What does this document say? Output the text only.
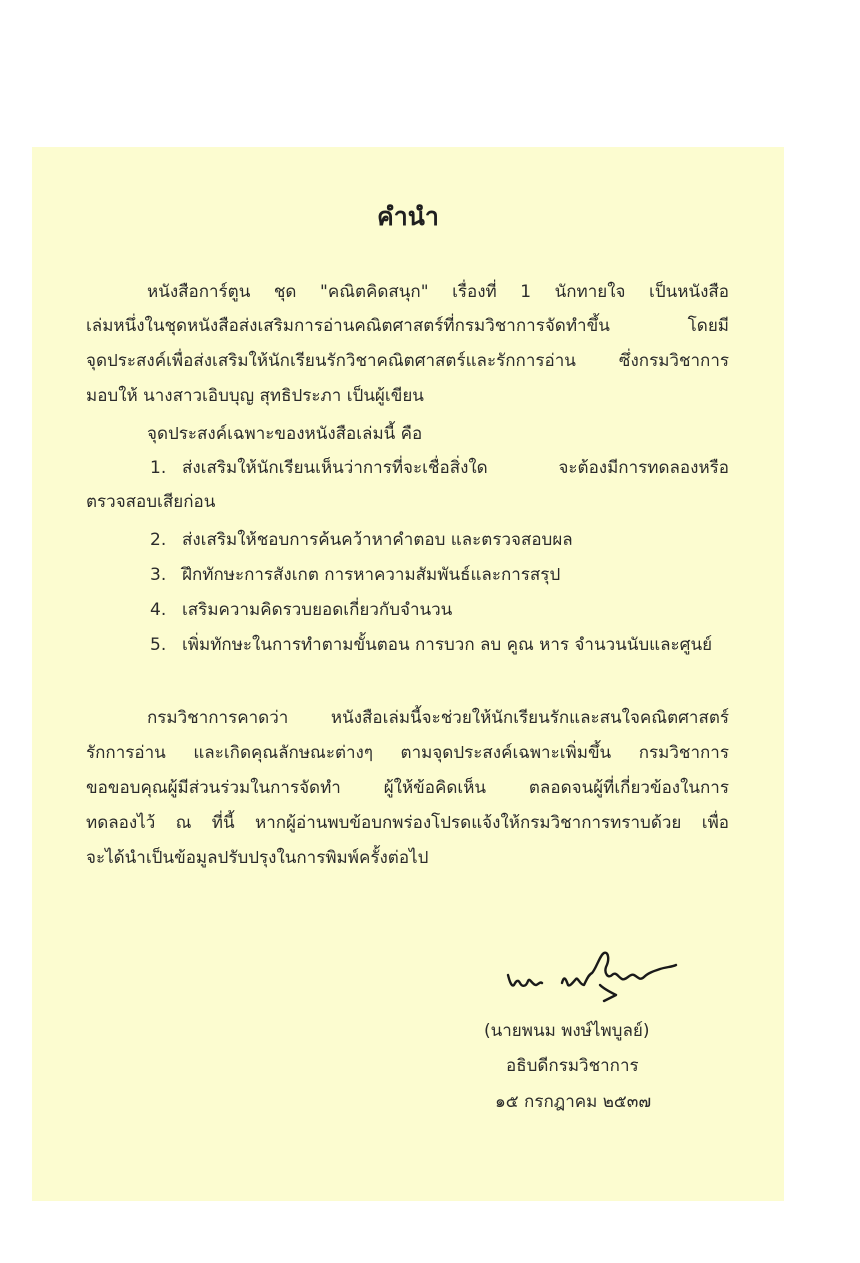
คำนำ
หนังสือการ์ตูน ชุด "คณิตคิดสนุก" เรื่องที่ 1 นักทายใจ เป็นหนังสือ
เล่มหนึ่งในชุดหนังสือส่งเสริมการอ่านคณิตศาสตร์ที่กรมวิชาการจัดทำขึ้น โดยมี
จุดประสงค์เพื่อส่งเสริมให้นักเรียนรักวิชาคณิตศาสตร์และรักการอ่าน ซึ่งกรมวิชาการ
มอบให้ นางสาวเอิบบุญ สุทธิประภา เป็นผู้เขียน
จุดประสงค์เฉพาะของหนังสือเล่มนี้ คือ
1. ส่งเสริมให้นักเรียนเห็นว่าการที่จะเชื่อสิ่งใด จะต้องมีการทดลองหรือ
ตรวจสอบเสียก่อน
2. ส่งเสริมให้ชอบการค้นคว้าหาคำตอบ และตรวจสอบผล
3. ฝึกทักษะการสังเกต การหาความสัมพันธ์และการสรุป
4. เสริมความคิดรวบยอดเกี่ยวกับจำนวน
5. เพิ่มทักษะในการทำตามขั้นตอน การบวก ลบ คูณ หาร จำนวนนับและศูนย์
กรมวิชาการคาดว่า หนังสือเล่มนี้จะช่วยให้นักเรียนรักและสนใจคณิตศาสตร์
รักการอ่าน และเกิดคุณลักษณะต่างๆ ตามจุดประสงค์เฉพาะเพิ่มขึ้น กรมวิชาการ
ขอขอบคุณผู้มีส่วนร่วมในการจัดทำ ผู้ให้ข้อคิดเห็น ตลอดจนผู้ที่เกี่ยวข้องในการ
ทดลองไว้ ณ ที่นี้ หากผู้อ่านพบข้อบกพร่องโปรดแจ้งให้กรมวิชาการทราบด้วย เพื่อ
จะได้นำเป็นข้อมูลปรับปรุงในการพิมพ์ครั้งต่อไป
(นายพนม พงษ์ไพบูลย์)
อธิบดีกรมวิชาการ
๑๕ กรกฎาคม ๒๕๓๗
